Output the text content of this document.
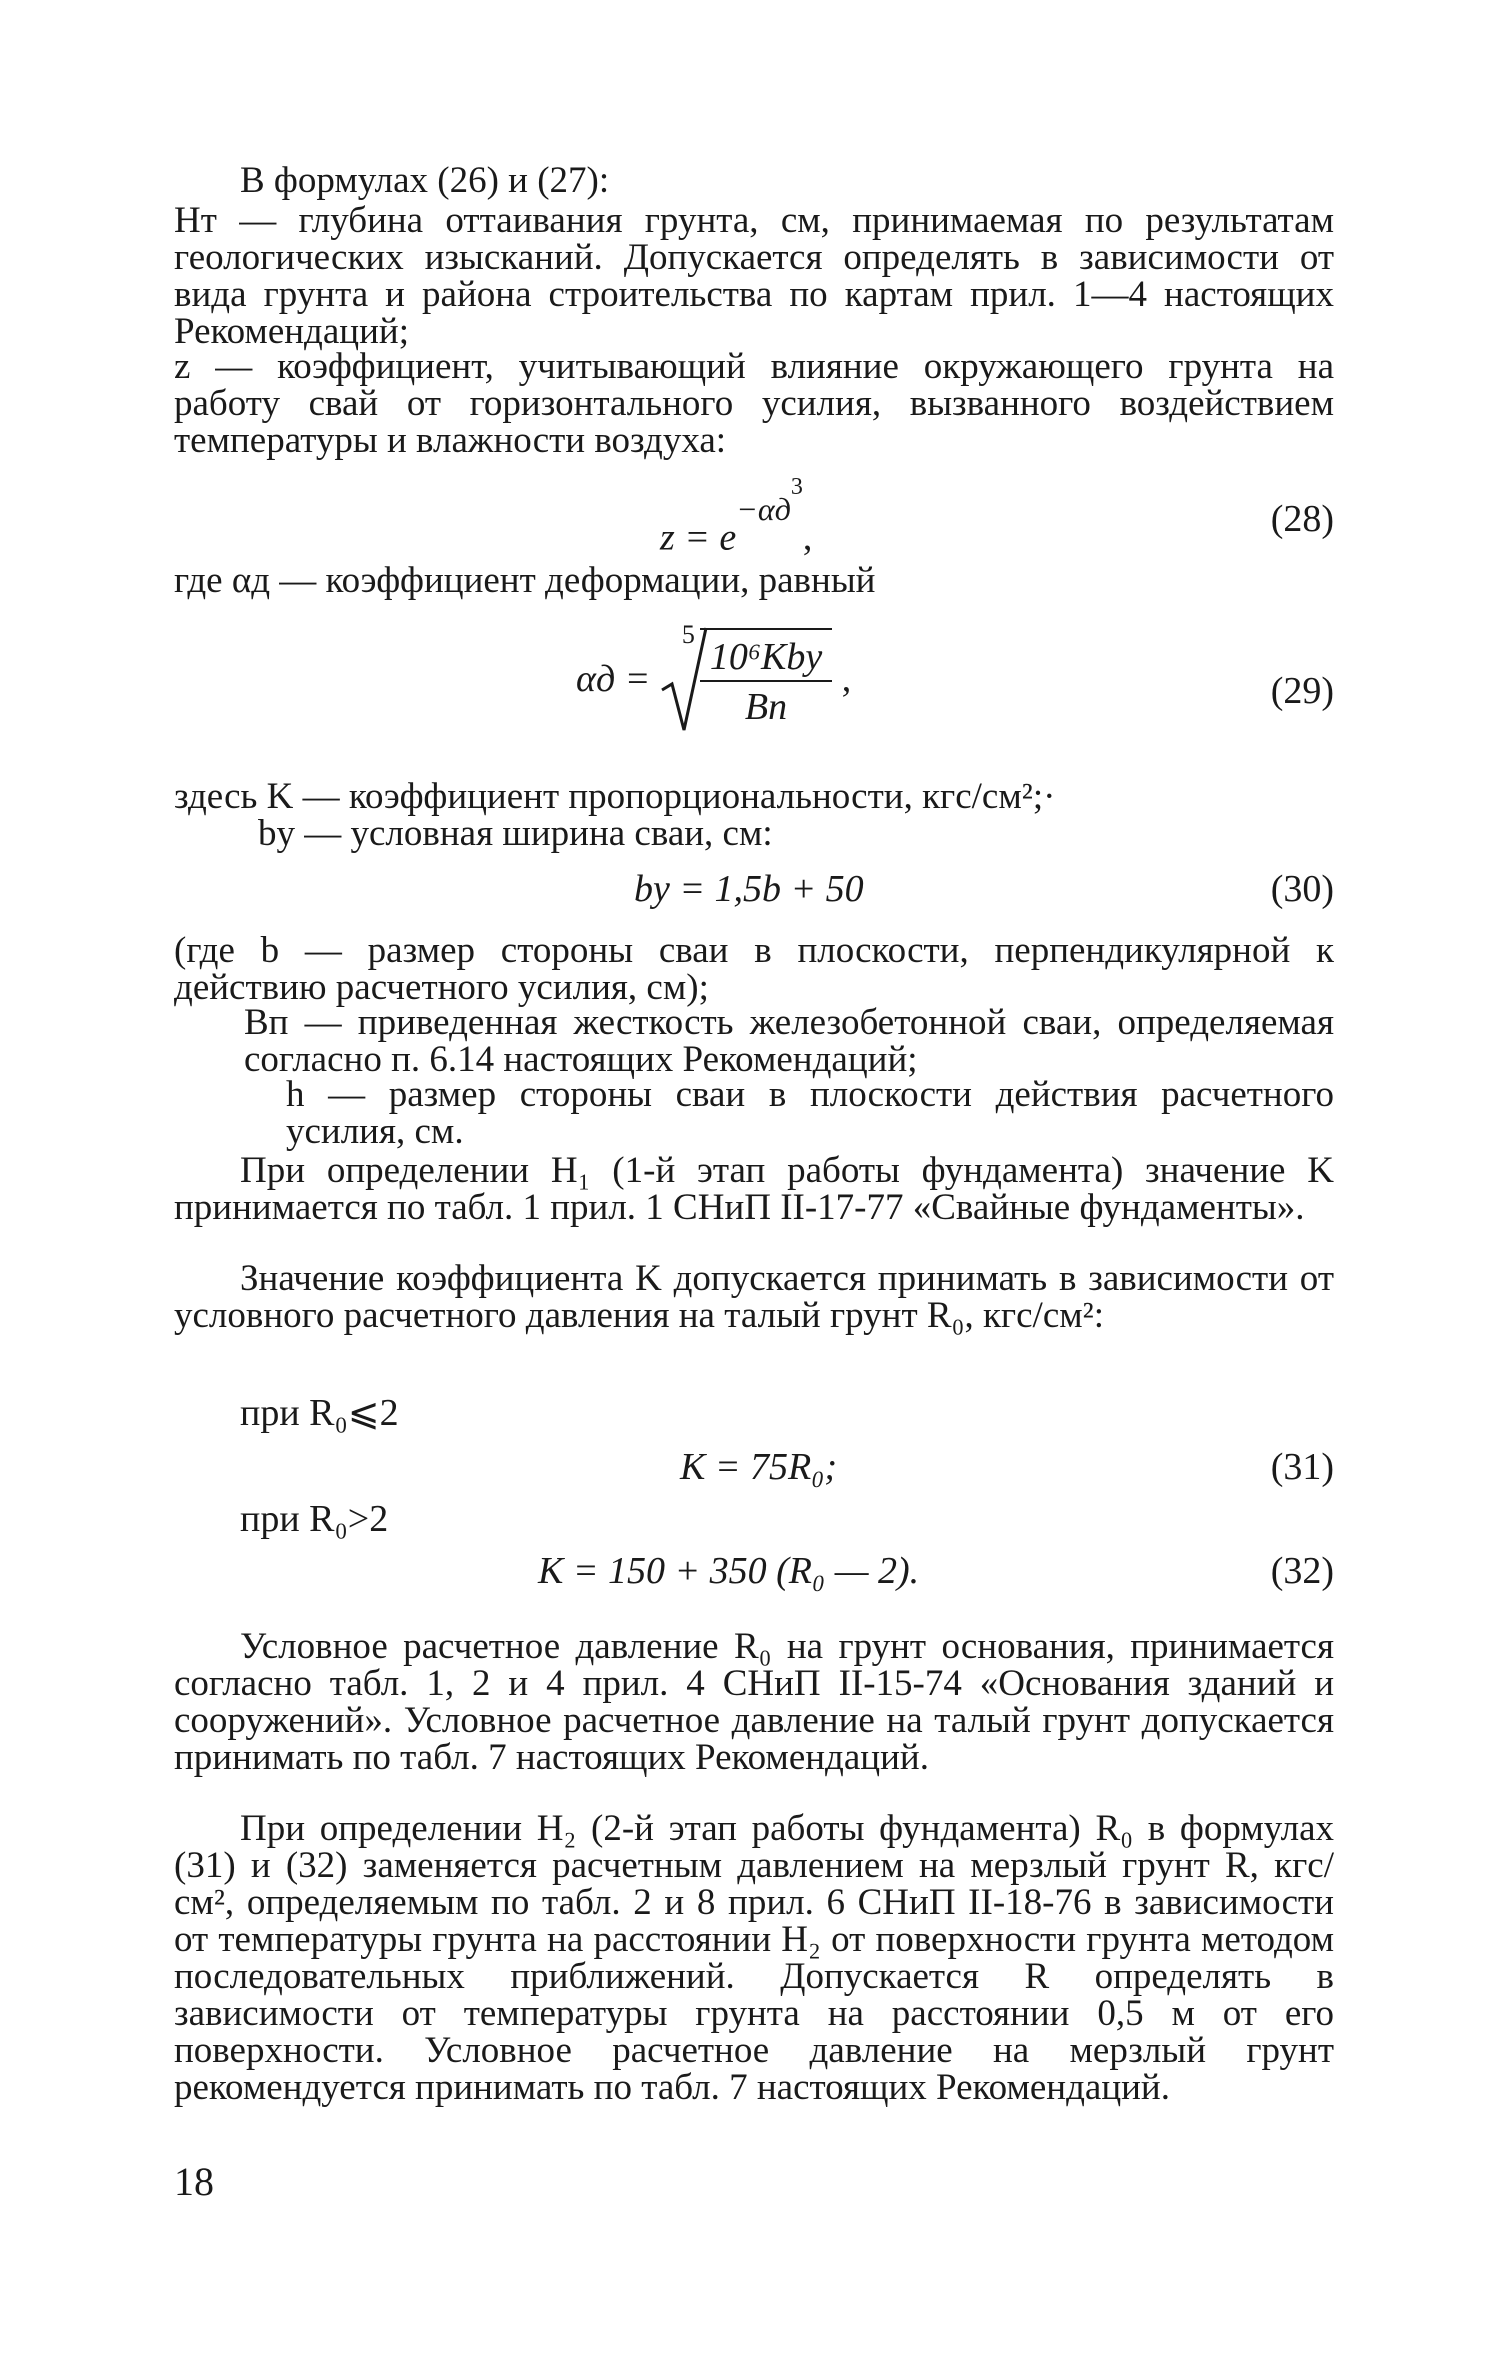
В формулах (26) и (27):

Hт — глубина оттаивания грунта, см, принимаемая по результатам геологических изысканий. Допускается определять в зависимости от вида грунта и района строительства по картам прил. 1—4 настоящих Рекомендаций;

z — коэффициент, учитывающий влияние окружающего грунта на работу свай от горизонтального усилия, вызванного воздействием температуры и влажности воздуха:

$z = e^{-\alpha д^3}$,	(28)

где αд — коэффициент деформации, равный

αд =
$5 \frac{\text{10⁶Kbу}}{Bп}$ ,	(29)

здесь K — коэффициент пропорциональности, кгс/см²;·

bу — условная ширина сваи, см:

bу = 1,5b + 50	(30)

(где b — размер стороны сваи в плоскости, перпендикулярной к действию расчетного усилия, см);

Bп — приведенная жесткость железобетонной сваи, определяемая согласно п. 6.14 настоящих Рекомендаций;

h — размер стороны сваи в плоскости действия расчетного усилия, см.

При определении H₁ (1-й этап работы фундамента) значение K принимается по табл. 1 прил. 1 СНиП II-17-77 «Свайные фундаменты».

Значение коэффициента K допускается принимать в зависимости от условного расчетного давления на талый грунт R₀, кгс/см²:

при R₀⩽2
K = 75R₀;	(31)
при R₀>2
K = 150 + 350 (R₀ — 2).	(32)

Условное расчетное давление R₀ на грунт основания, принимается согласно табл. 1, 2 и 4 прил. 4 СНиП II-15-74 «Основания зданий и сооружений». Условное расчетное давление на талый грунт допускается принимать по табл. 7 настоящих Рекомендаций.

При определении H₂ (2-й этап работы фундамента) R₀ в формулах (31) и (32) заменяется расчетным давлением на мерзлый грунт R, кгс/см², определяемым по табл. 2 и 8 прил. 6 СНиП II-18-76 в зависимости от температуры грунта на расстоянии H₂ от поверхности грунта методом последовательных приближений. Допускается R определять в зависимости от температуры грунта на расстоянии 0,5 м от его поверхности. Условное расчетное давление на мерзлый грунт рекомендуется принимать по табл. 7 настоящих Рекомендаций.

18
